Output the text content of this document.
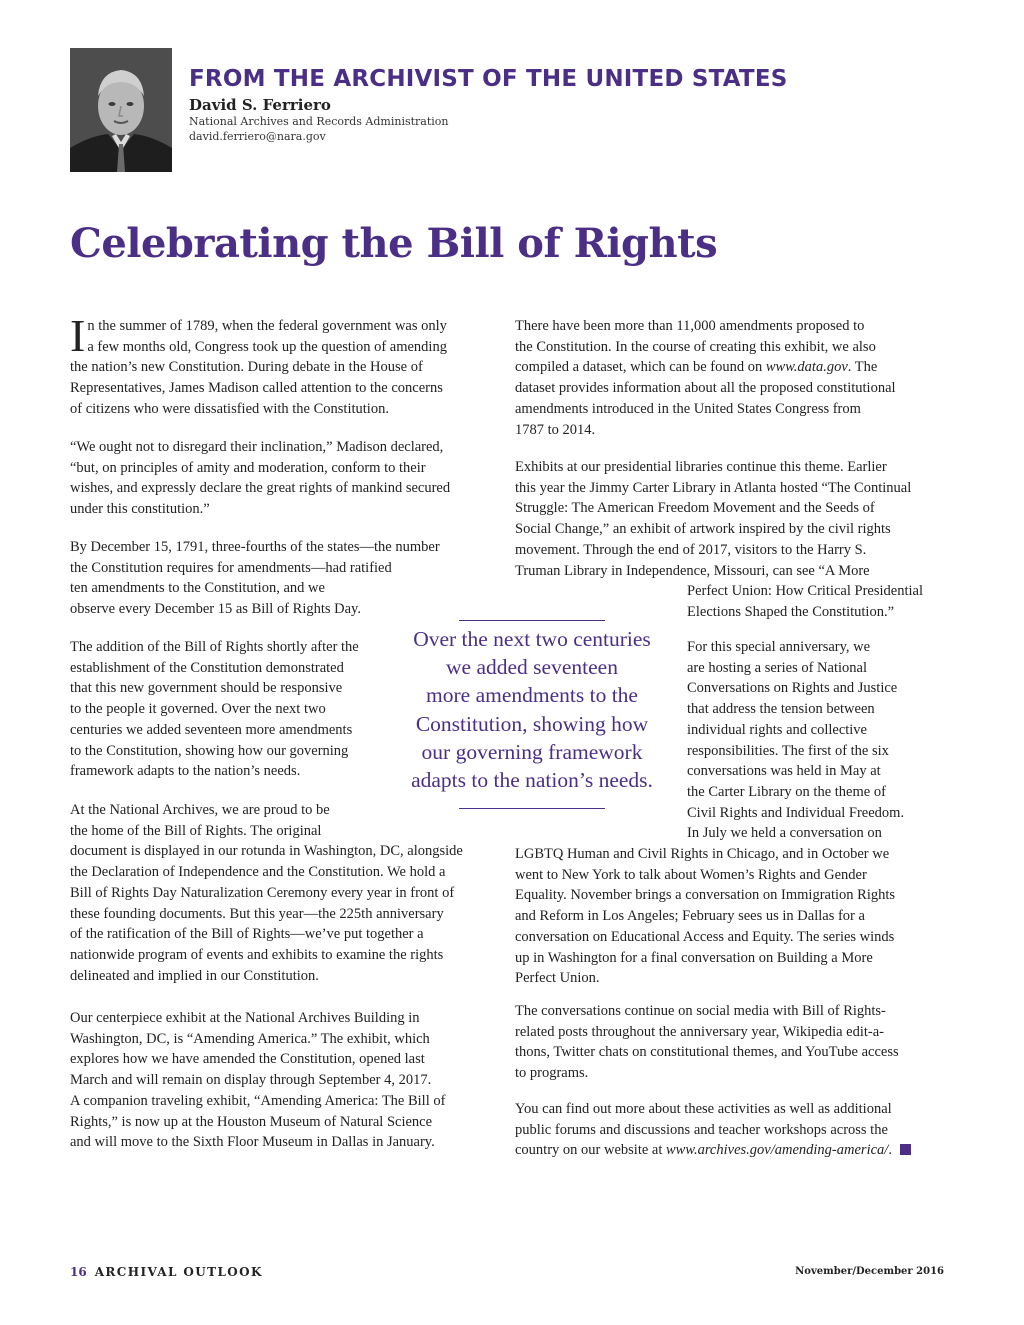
FROM THE ARCHIVIST OF THE UNITED STATES
David S. Ferriero
National Archives and Records Administration
david.ferriero@nara.gov
Celebrating the Bill of Rights
I n the summer of 1789, when the federal government was only
a few months old, Congress took up the question of amending
the nation’s new Constitution. During debate in the House of
Representatives, James Madison called attention to the concerns
of citizens who were dissatisfied with the Constitution.
“We ought not to disregard their inclination,” Madison declared,
“but, on principles of amity and moderation, conform to their
wishes, and expressly declare the great rights of mankind secured
under this constitution.”
By December 15, 1791, three-fourths of the states—the number
the Constitution requires for amendments—had ratified
ten amendments to the Constitution, and we
observe every December 15 as Bill of Rights Day.
The addition of the Bill of Rights shortly after the
establishment of the Constitution demonstrated
that this new government should be responsive
to the people it governed. Over the next two
centuries we added seventeen more amendments
to the Constitution, showing how our governing
framework adapts to the nation’s needs.
At the National Archives, we are proud to be
the home of the Bill of Rights. The original
document is displayed in our rotunda in Washington, DC, alongside
the Declaration of Independence and the Constitution. We hold a
Bill of Rights Day Naturalization Ceremony every year in front of
these founding documents. But this year—the 225th anniversary
of the ratification of the Bill of Rights—we’ve put together a
nationwide program of events and exhibits to examine the rights
delineated and implied in our Constitution.
Our centerpiece exhibit at the National Archives Building in
Washington, DC, is “Amending America.” The exhibit, which
explores how we have amended the Constitution, opened last
March and will remain on display through September 4, 2017.
A companion traveling exhibit, “Amending America: The Bill of
Rights,” is now up at the Houston Museum of Natural Science
and will move to the Sixth Floor Museum in Dallas in January.
Over the next two centuries
we added seventeen
more amendments to the
Constitution, showing how
our governing framework
adapts to the nation’s needs.
There have been more than 11,000 amendments proposed to
the Constitution. In the course of creating this exhibit, we also
compiled a dataset, which can be found on www.data.gov. The
dataset provides information about all the proposed constitutional
amendments introduced in the United States Congress from
1787 to 2014.
Exhibits at our presidential libraries continue this theme. Earlier
this year the Jimmy Carter Library in Atlanta hosted “The Continual
Struggle: The American Freedom Movement and the Seeds of
Social Change,” an exhibit of artwork inspired by the civil rights
movement. Through the end of 2017, visitors to the Harry S.
Truman Library in Independence, Missouri, can see “A More
Perfect Union: How Critical Presidential
Elections Shaped the Constitution.”
For this special anniversary, we
are hosting a series of National
Conversations on Rights and Justice
that address the tension between
individual rights and collective
responsibilities. The first of the six
conversations was held in May at
the Carter Library on the theme of
Civil Rights and Individual Freedom.
In July we held a conversation on
LGBTQ Human and Civil Rights in Chicago, and in October we
went to New York to talk about Women’s Rights and Gender
Equality. November brings a conversation on Immigration Rights
and Reform in Los Angeles; February sees us in Dallas for a
conversation on Educational Access and Equity. The series winds
up in Washington for a final conversation on Building a More
Perfect Union.
The conversations continue on social media with Bill of Rights-
related posts throughout the anniversary year, Wikipedia edit-a-
thons, Twitter chats on constitutional themes, and YouTube access
to programs.
You can find out more about these activities as well as additional
public forums and discussions and teacher workshops across the
country on our website at www.archives.gov/amending-america/.
16 ARCHIVAL OUTLOOK	November/December 2016
